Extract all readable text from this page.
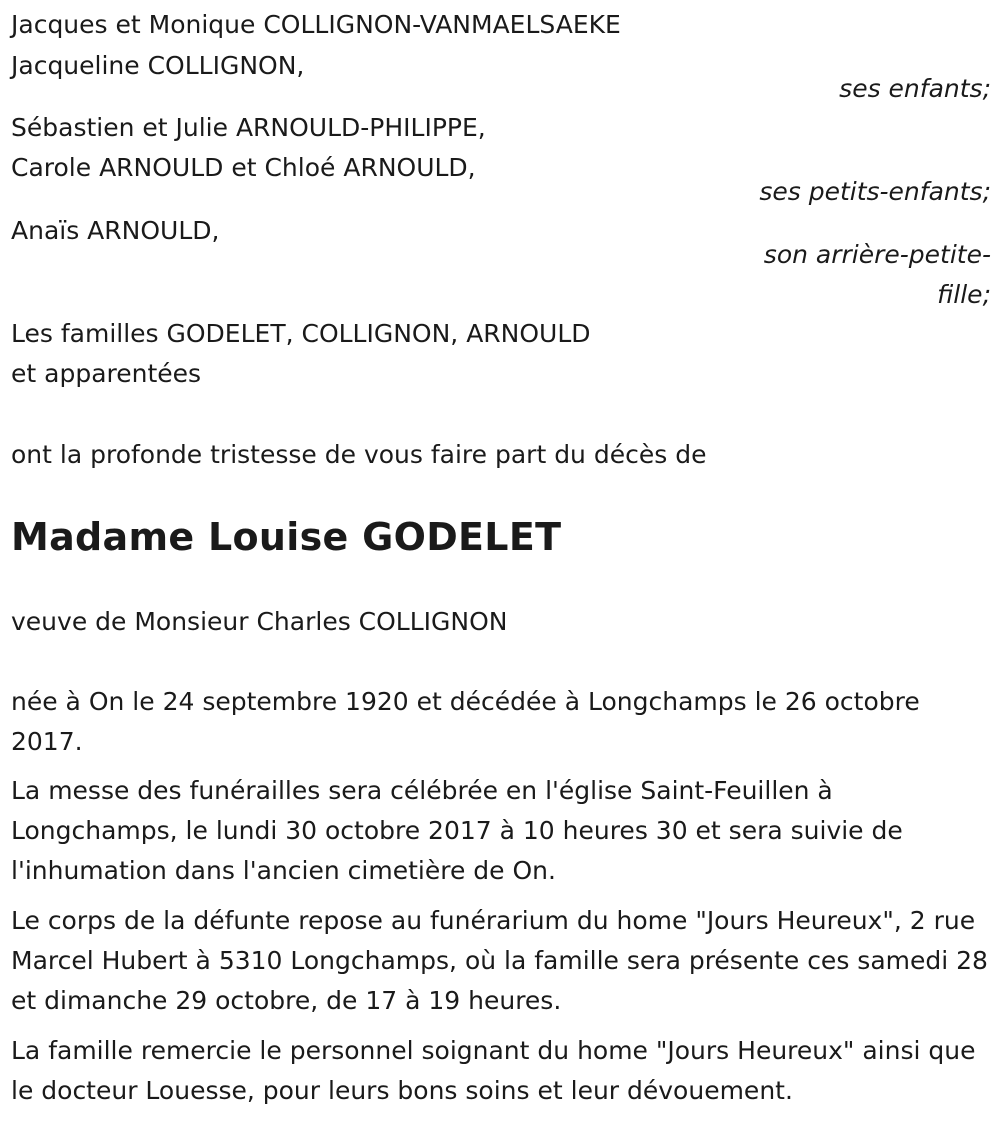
Jacques et Monique COLLIGNON-VANMAELSAEKE
Jacqueline COLLIGNON,
ses enfants;
Sébastien et Julie ARNOULD-PHILIPPE,
Carole ARNOULD et Chloé ARNOULD,
ses petits-enfants;
Anaïs ARNOULD,
son arrière-petite-
fille;
Les familles GODELET, COLLIGNON, ARNOULD
et apparentées
ont la profonde tristesse de vous faire part du décès de
Madame Louise GODELET
veuve de Monsieur Charles COLLIGNON
née à On le 24 septembre 1920 et décédée à Longchamps le 26 octobre 2017.
La messe des funérailles sera célébrée en l'église Saint-Feuillen à Longchamps, le lundi 30 octobre 2017 à 10 heures 30 et sera suivie de l'inhumation dans l'ancien cimetière de On.
Le corps de la défunte repose au funérarium du home "Jours Heureux", 2 rue Marcel Hubert à 5310 Longchamps, où la famille sera présente ces samedi 28 et dimanche 29 octobre, de 17 à 19 heures.
La famille remercie le personnel soignant du home "Jours Heureux" ainsi que le docteur Louesse, pour leurs bons soins et leur dévouement.
